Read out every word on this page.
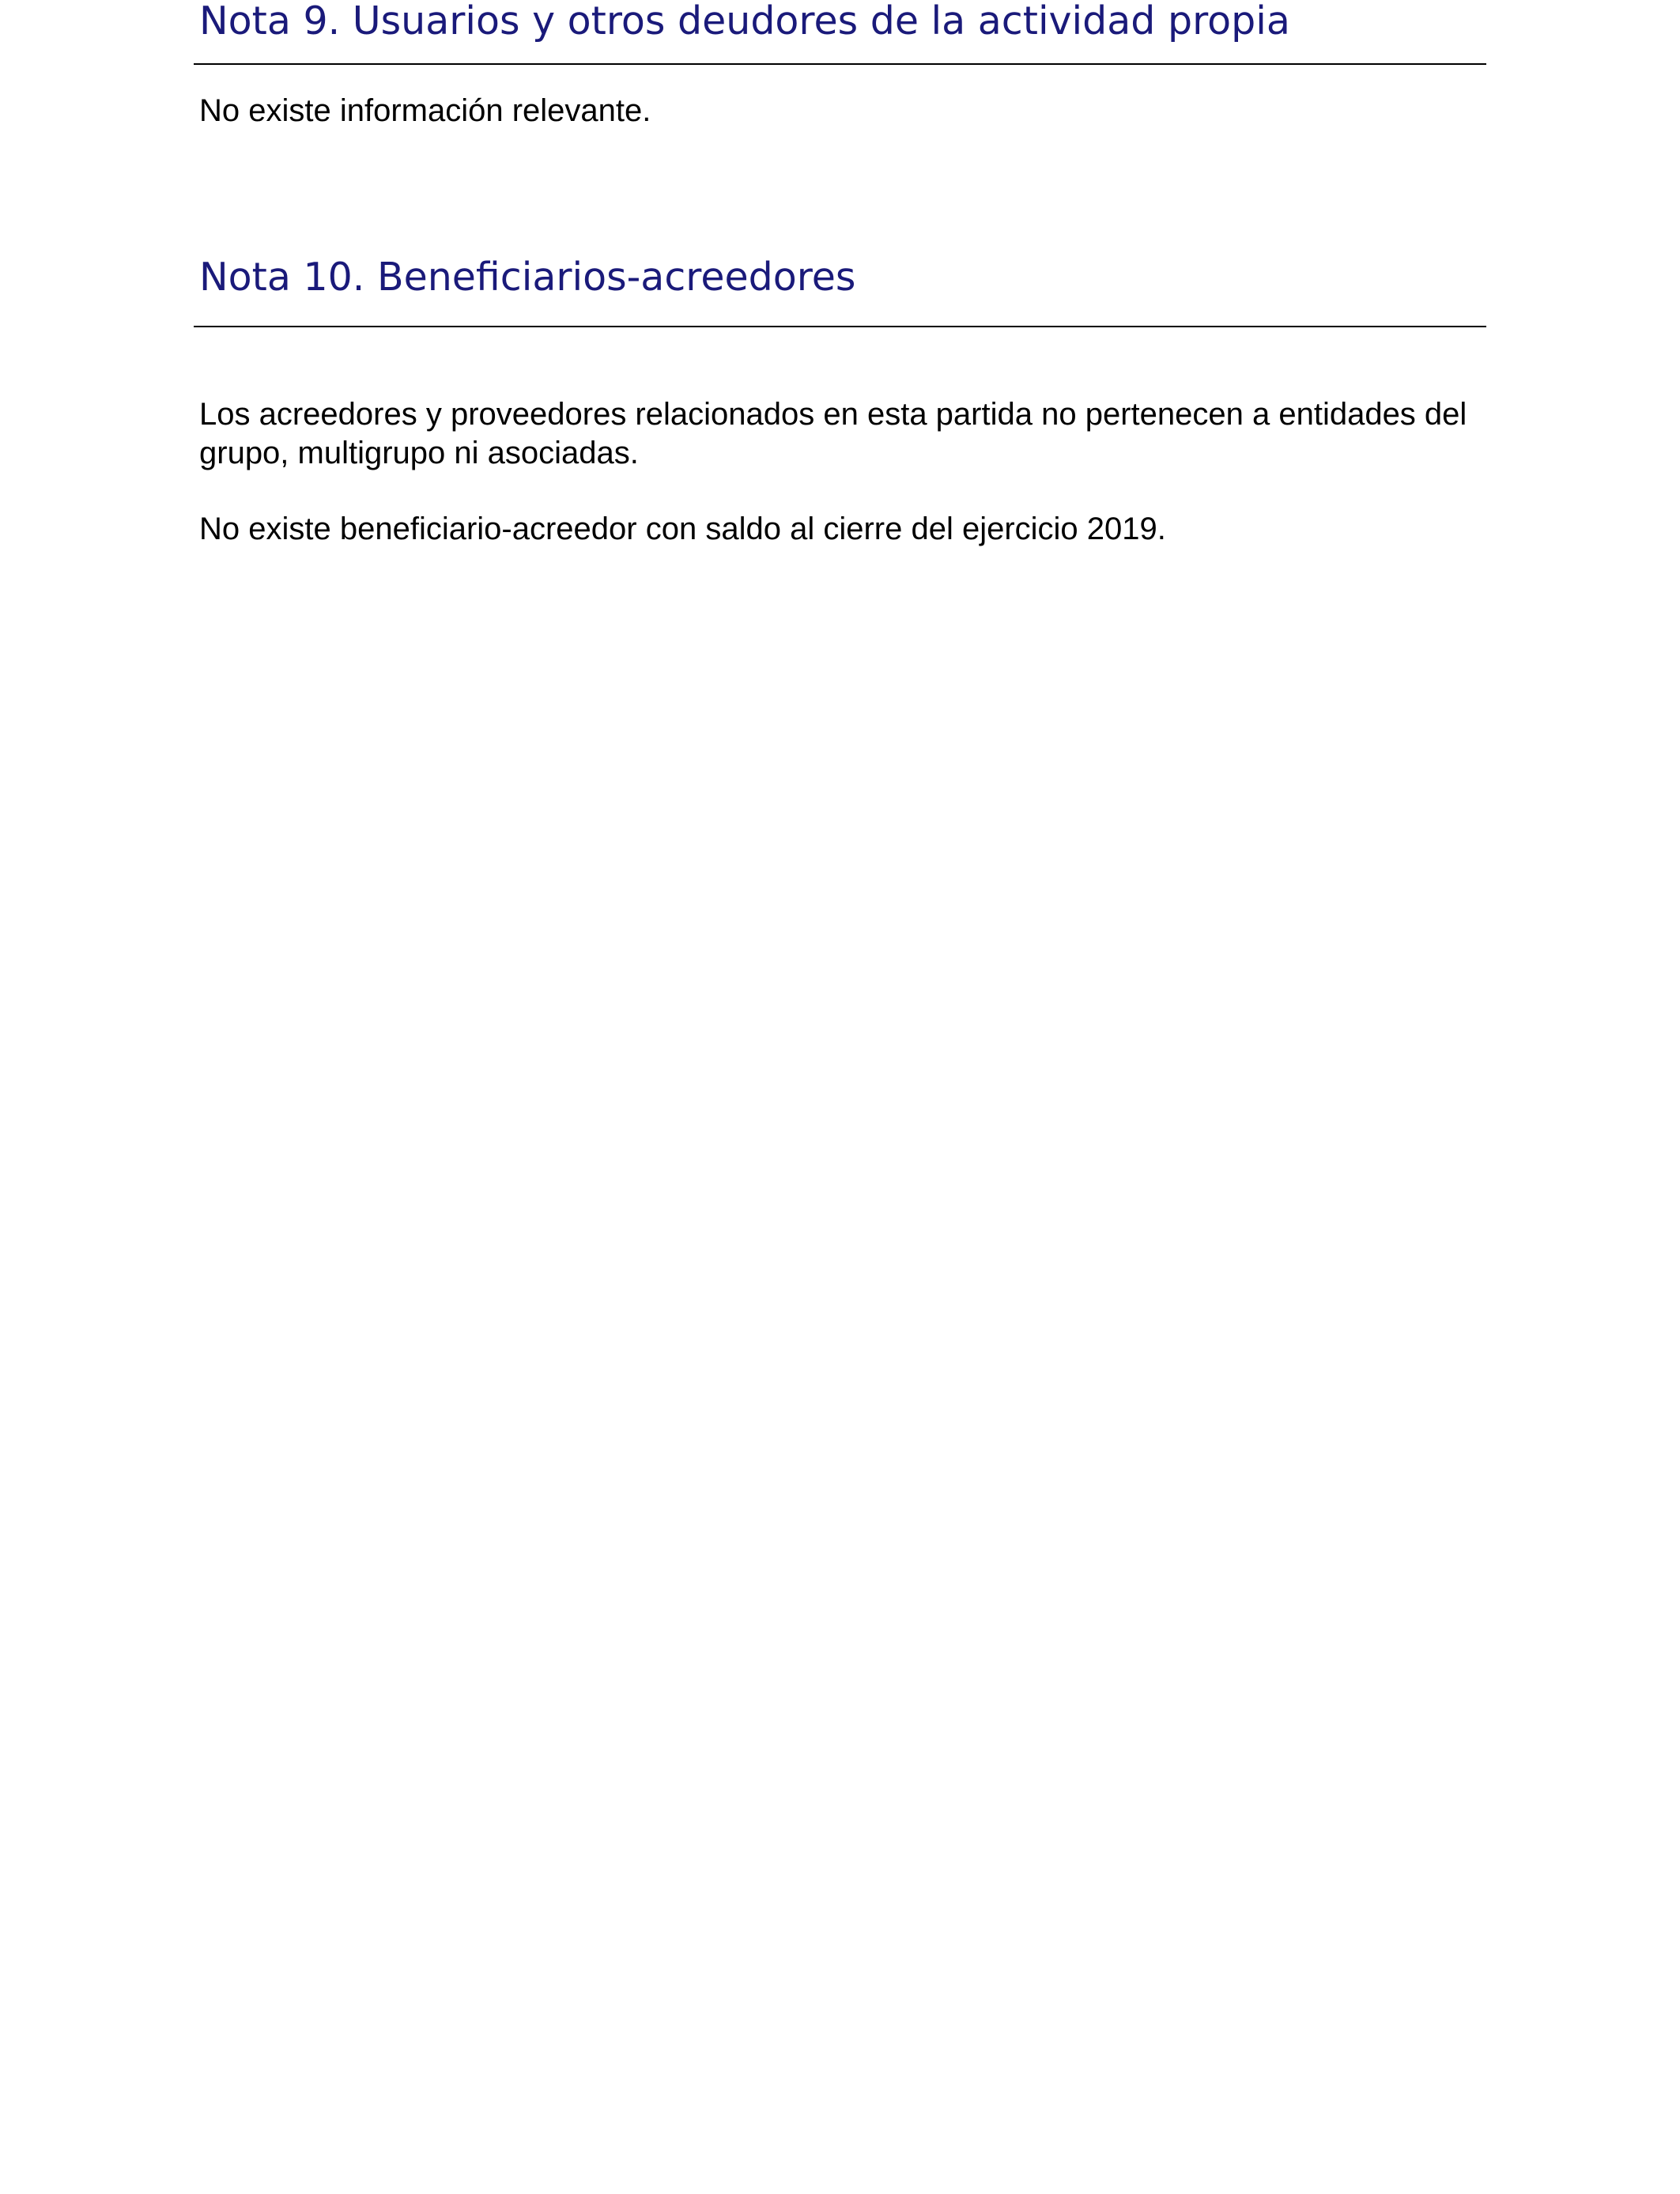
Nota 9. Usuarios y otros deudores de la actividad propia

No existe información relevante.

Nota 10. Beneficiarios-acreedores

Los acreedores y proveedores relacionados en esta partida no pertenecen a entidades del grupo, multigrupo ni asociadas.

No existe beneficiario-acreedor con saldo al cierre del ejercicio 2019.
